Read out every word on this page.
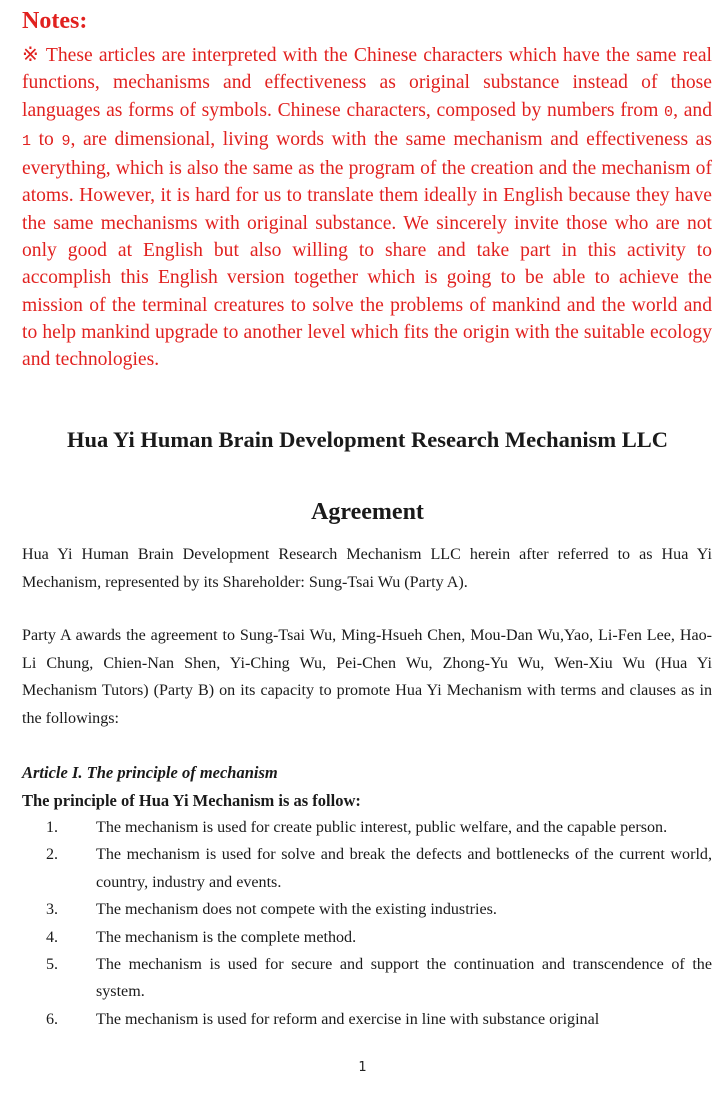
Notes:

※ These articles are interpreted with the Chinese characters which have the same real functions, mechanisms and effectiveness as original substance instead of those languages as forms of symbols. Chinese characters, composed by numbers from 0, and 1 to 9, are dimensional, living words with the same mechanism and effectiveness as everything, which is also the same as the program of the creation and the mechanism of atoms. However, it is hard for us to translate them ideally in English because they have the same mechanisms with original substance. We sincerely invite those who are not only good at English but also willing to share and take part in this activity to accomplish this English version together which is going to be able to achieve the mission of the terminal creatures to solve the problems of mankind and the world and to help mankind upgrade to another level which fits the origin with the suitable ecology and technologies.

Hua Yi Human Brain Development Research Mechanism LLC
Agreement

Hua Yi Human Brain Development Research Mechanism LLC herein after referred to as Hua Yi Mechanism, represented by its Shareholder: Sung-Tsai Wu (Party A).

Party A awards the agreement to Sung-Tsai Wu, Ming-Hsueh Chen, Mou-Dan Wu,Yao, Li-Fen Lee, Hao-Li Chung, Chien-Nan Shen, Yi-Ching Wu, Pei-Chen Wu, Zhong-Yu Wu, Wen-Xiu Wu (Hua Yi Mechanism Tutors) (Party B) on its capacity to promote Hua Yi Mechanism with terms and clauses as in the followings:

Article I. The principle of mechanism

The principle of Hua Yi Mechanism is as follow:

1.	The mechanism is used for create public interest, public welfare, and the capable person.
2.	The mechanism is used for solve and break the defects and bottlenecks of the current world, country, industry and events.
3.	The mechanism does not compete with the existing industries.
4.	The mechanism is the complete method.
5.	The mechanism is used for secure and support the continuation and transcendence of the system.
6.	The mechanism is used for reform and exercise in line with substance original
1
